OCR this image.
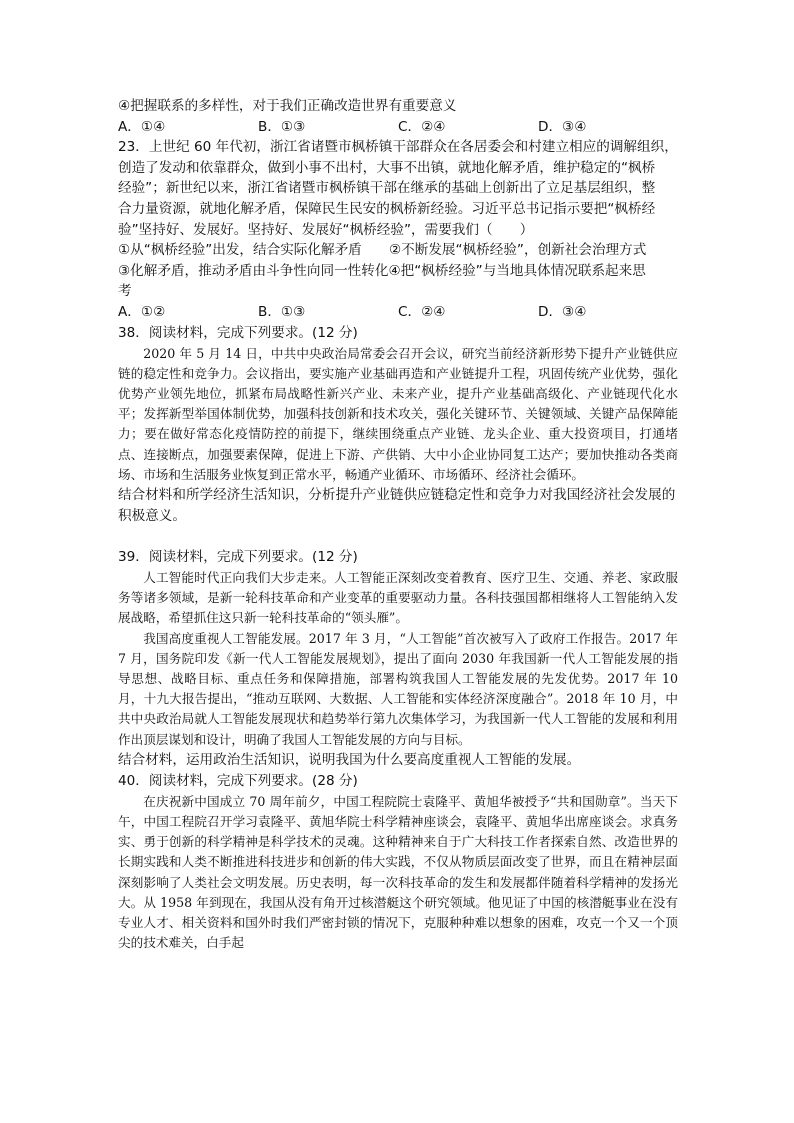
④把握联系的多样性，对于我们正确改造世界有重要意义
A．①④	B．①③	C．②④	D．③④
23．上世纪 60 年代初，浙江省诸暨市枫桥镇干部群众在各居委会和村建立相应的调解组织，
创造了发动和依靠群众，做到小事不出村，大事不出镇，就地化解矛盾，维护稳定的“枫桥
经验”；新世纪以来，浙江省诸暨市枫桥镇干部在继承的基础上创新出了立足基层组织，整
合力量资源，就地化解矛盾，保障民生民安的枫桥新经验。习近平总书记指示要把“枫桥经
验”坚持好、发展好。坚持好、发展好“枫桥经验”，需要我们（　　）
①从“枫桥经验”出发，结合实际化解矛盾　　②不断发展“枫桥经验”，创新社会治理方式
③化解矛盾，推动矛盾由斗争性向同一性转化④把“枫桥经验”与当地具体情况联系起来思
考
A．①②	B．①③	C．②④	D．③④
38．阅读材料，完成下列要求。(12 分)
2020 年 5 月 14 日，中共中央政治局常委会召开会议，研究当前经济新形势下提升产业链供应链的稳定性和竞争力。会议指出，要实施产业基础再造和产业链提升工程，巩固传统产业优势，强化优势产业领先地位，抓紧布局战略性新兴产业、未来产业，提升产业基础高级化、产业链现代化水平；发挥新型举国体制优势，加强科技创新和技术攻关，强化关键环节、关键领域、关键产品保障能力；要在做好常态化疫情防控的前提下，继续围绕重点产业链、龙头企业、重大投资项目，打通堵点、连接断点，加强要素保障，促进上下游、产供销、大中小企业协同复工达产；要加快推动各类商场、市场和生活服务业恢复到正常水平，畅通产业循环、市场循环、经济社会循环。
结合材料和所学经济生活知识，分析提升产业链供应链稳定性和竞争力对我国经济社会发展的积极意义。
39．阅读材料，完成下列要求。(12 分)
人工智能时代正向我们大步走来。人工智能正深刻改变着教育、医疗卫生、交通、养老、家政服务等诸多领域，是新一轮科技革命和产业变革的重要驱动力量。各科技强国都相继将人工智能纳入发展战略，希望抓住这只新一轮科技革命的“领头雁”。
我国高度重视人工智能发展。2017 年 3 月，“人工智能”首次被写入了政府工作报告。2017 年 7 月，国务院印发《新一代人工智能发展规划》，提出了面向 2030 年我国新一代人工智能发展的指导思想、战略目标、重点任务和保障措施，部署构筑我国人工智能发展的先发优势。2017 年 10 月，十九大报告提出，“推动互联网、大数据、人工智能和实体经济深度融合”。2018 年 10 月，中共中央政治局就人工智能发展现状和趋势举行第九次集体学习，为我国新一代人工智能的发展和利用作出顶层谋划和设计，明确了我国人工智能发展的方向与目标。
结合材料，运用政治生活知识，说明我国为什么要高度重视人工智能的发展。
40．阅读材料，完成下列要求。(28 分)
在庆祝新中国成立 70 周年前夕，中国工程院院士袁隆平、黄旭华被授予“共和国勋章”。当天下午，中国工程院召开学习袁隆平、黄旭华院士科学精神座谈会，袁隆平、黄旭华出席座谈会。求真务实、勇于创新的科学精神是科学技术的灵魂。这种精神来自于广大科技工作者探索自然、改造世界的长期实践和人类不断推进科技进步和创新的伟大实践，不仅从物质层面改变了世界，而且在精神层面深刻影响了人类社会文明发展。历史表明，每一次科技革命的发生和发展都伴随着科学精神的发扬光大。从 1958 年到现在，我国从没有角开过核潜艇这个研究领域。他见证了中国的核潜艇事业在没有专业人才、相关资料和国外时我们严密封锁的情况下，克服种种难以想象的困难，攻克一个又一个顶尖的技术难关，白手起
